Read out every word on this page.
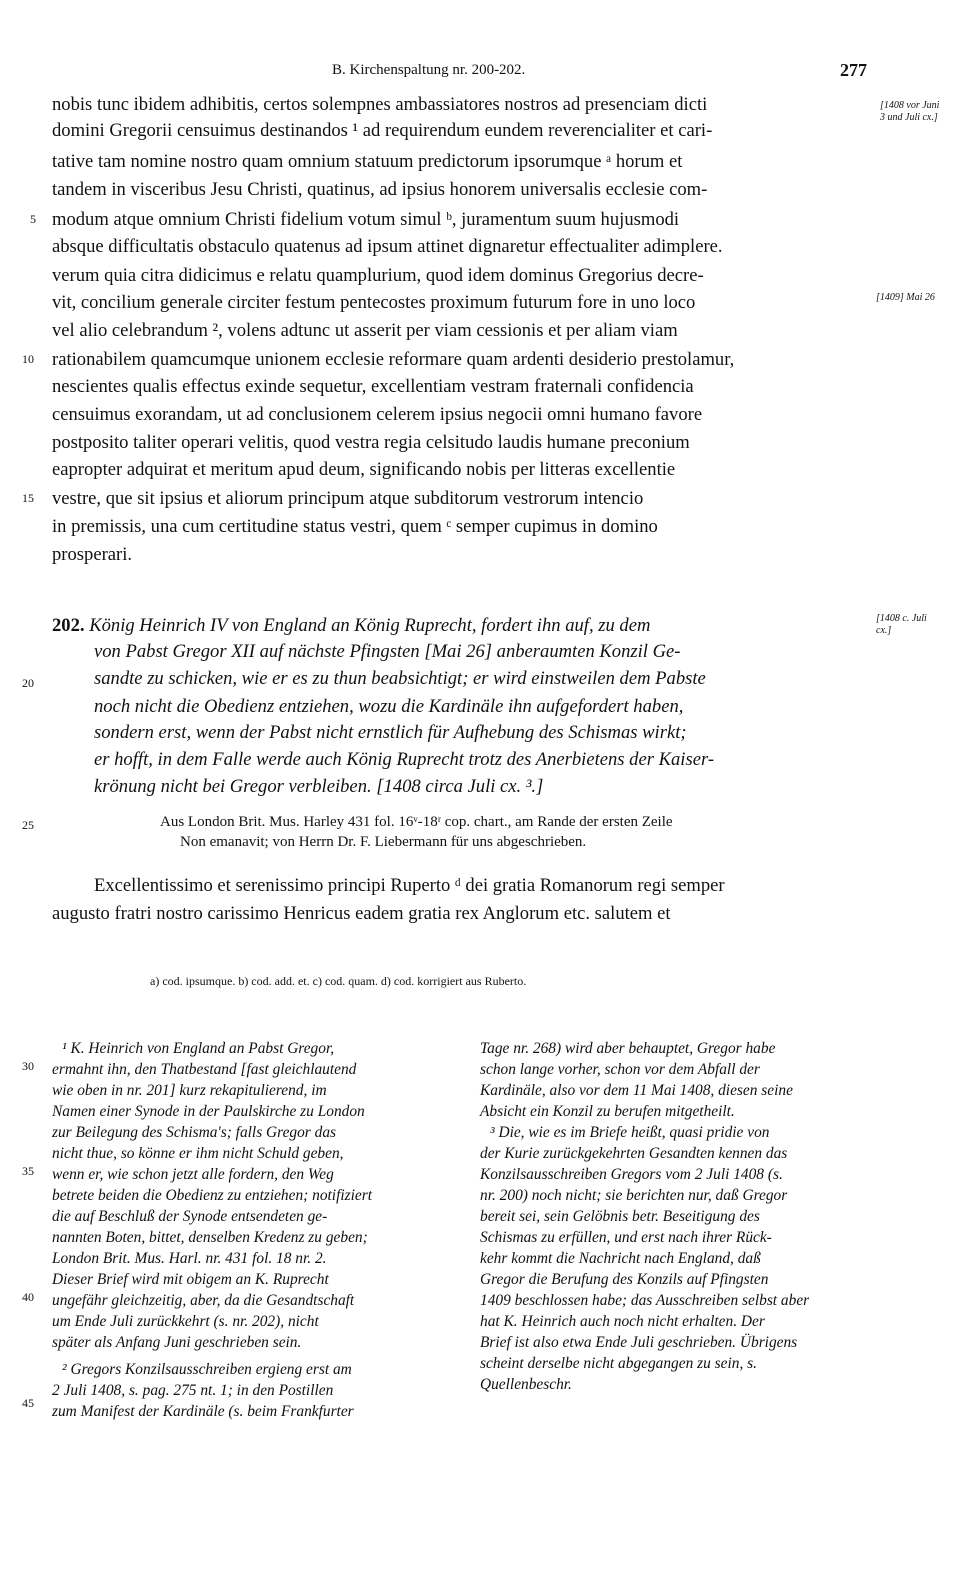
B. Kirchenspaltung nr. 200-202.	277
nobis tunc ibidem adhibitis, certos solempnes ambassiatores nostros ad presenciam dicti
domini Gregorii censuimus destinandos ¹ ad requirendum eundem reverencialiter et cari-
tative tam nomine nostro quam omnium statuum predictorum ipsorumque ᵃ horum et
tandem in visceribus Jesu Christi, quatinus, ad ipsius honorem universalis ecclesie com-
modum atque omnium Christi fidelium votum simul ᵇ, juramentum suum hujusmodi
absque difficultatis obstaculo quatenus ad ipsum attinet dignaretur effectualiter adimplere.
verum quia citra didicimus e relatu quamplurium, quod idem dominus Gregorius decre-
vit, concilium generale circiter festum pentecostes proximum futurum fore in uno loco
vel alio celebrandum ², volens adtunc ut asserit per viam cessionis et per aliam viam
rationabilem quamcumque unionem ecclesie reformare quam ardenti desiderio prestolamur,
nescientes qualis effectus exinde sequetur, excellentiam vestram fraternali confidencia
censuimus exorandam, ut ad conclusionem celerem ipsius negocii omni humano favore
postposito taliter operari velitis, quod vestra regia celsitudo laudis humane preconium
eapropter adquirat et meritum apud deum, significando nobis per litteras excellentie
vestre, que sit ipsius et aliorum principum atque subditorum vestrorum intencio
in premissis, una cum certitudine status vestri, quem ᶜ semper cupimus in domino
prosperari.
5
10
15
20
25
30
35
40
45
[1408 vor Juni 3 und Juli cx.]
[1409] Mai 26
[1408 c. Juli cx.]
202. König Heinrich IV von England an König Ruprecht, fordert ihn auf, zu dem
von Pabst Gregor XII auf nächste Pfingsten [Mai 26] anberaumten Konzil Ge-
sandte zu schicken, wie er es zu thun beabsichtigt; er wird einstweilen dem Pabste
noch nicht die Obedienz entziehen, wozu die Kardinäle ihn aufgefordert haben,
sondern erst, wenn der Pabst nicht ernstlich für Aufhebung des Schismas wirkt;
er hofft, in dem Falle werde auch König Ruprecht trotz des Anerbietens der Kaiser-
krönung nicht bei Gregor verbleiben. [1408 circa Juli cx. ³.]
Aus London Brit. Mus. Harley 431 fol. 16ᵛ-18ʳ cop. chart., am Rande der ersten Zeile
Non emanavit; von Herrn Dr. F. Liebermann für uns abgeschrieben.
Excellentissimo et serenissimo principi Ruperto ᵈ dei gratia Romanorum regi semper
augusto fratri nostro carissimo Henricus eadem gratia rex Anglorum etc. salutem et
a) cod. ipsumque. b) cod. add. et. c) cod. quam. d) cod. korrigiert aus Ruberto.
¹ K. Heinrich von England an Pabst Gregor,
ermahnt ihn, den Thatbestand [fast gleichlautend
wie oben in nr. 201] kurz rekapitulierend, im
Namen einer Synode in der Paulskirche zu London
zur Beilegung des Schisma's; falls Gregor das
nicht thue, so könne er ihm nicht Schuld geben,
wenn er, wie schon jetzt alle fordern, den Weg
betrete beiden die Obedienz zu entziehen; notifiziert
die auf Beschluß der Synode entsendeten ge-
nannten Boten, bittet, denselben Kredenz zu geben;
London Brit. Mus. Harl. nr. 431 fol. 18 nr. 2.
Dieser Brief wird mit obigem an K. Ruprecht
ungefähr gleichzeitig, aber, da die Gesandtschaft
um Ende Juli zurückkehrt (s. nr. 202), nicht
später als Anfang Juni geschrieben sein.
² Gregors Konzilsausschreiben ergieng erst am
2 Juli 1408, s. pag. 275 nt. 1; in den Postillen
zum Manifest der Kardinäle (s. beim Frankfurter
Tage nr. 268) wird aber behauptet, Gregor habe
schon lange vorher, schon vor dem Abfall der
Kardinäle, also vor dem 11 Mai 1408, diesen seine
Absicht ein Konzil zu berufen mitgetheilt.
³ Die, wie es im Briefe heißt, quasi pridie von
der Kurie zurückgekehrten Gesandten kennen das
Konzilsausschreiben Gregors vom 2 Juli 1408 (s.
nr. 200) noch nicht; sie berichten nur, daß Gregor
bereit sei, sein Gelöbnis betr. Beseitigung des
Schismas zu erfüllen, und erst nach ihrer Rück-
kehr kommt die Nachricht nach England, daß
Gregor die Berufung des Konzils auf Pfingsten
1409 beschlossen habe; das Ausschreiben selbst aber
hat K. Heinrich auch noch nicht erhalten. Der
Brief ist also etwa Ende Juli geschrieben. Übrigens
scheint derselbe nicht abgegangen zu sein, s.
Quellenbeschr.
